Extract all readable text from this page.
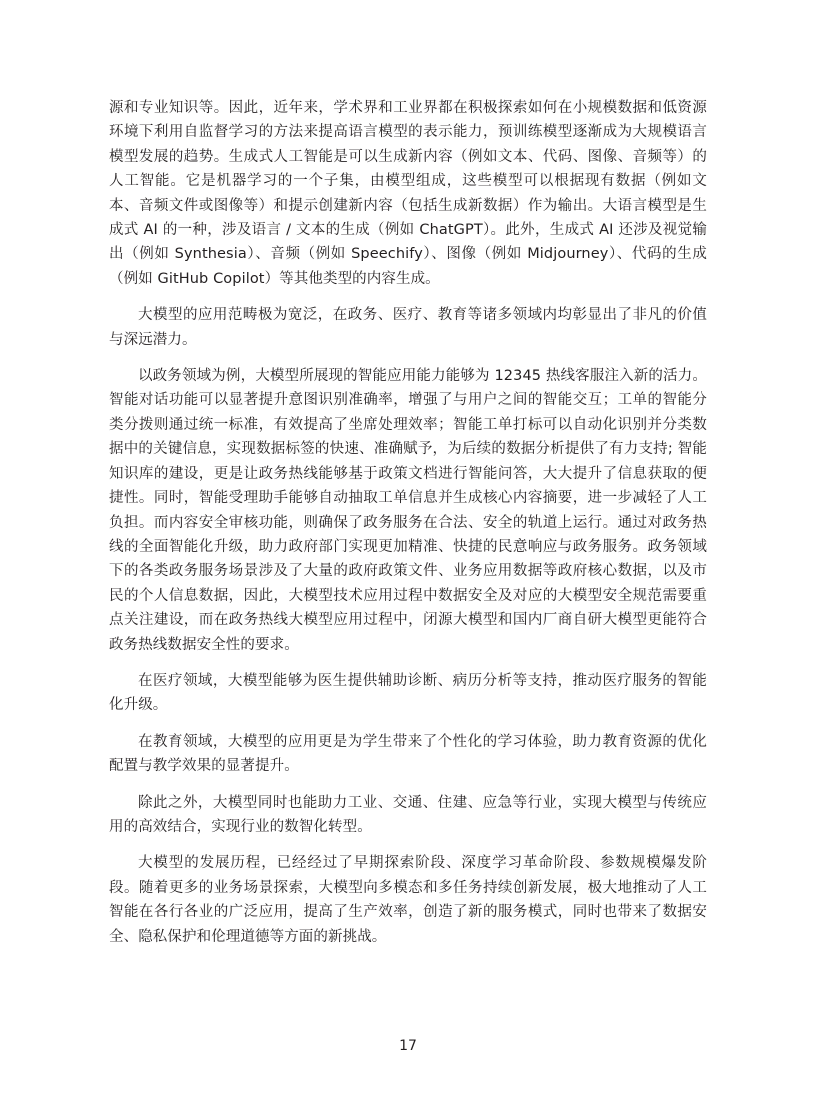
源和专业知识等。因此，近年来，学术界和工业界都在积极探索如何在小规模数据和低资源环境下利用自监督学习的方法来提高语言模型的表示能力，预训练模型逐渐成为大规模语言模型发展的趋势。生成式人工智能是可以生成新内容（例如文本、代码、图像、音频等）的人工智能。它是机器学习的一个子集，由模型组成，这些模型可以根据现有数据（例如文本、音频文件或图像等）和提示创建新内容（包括生成新数据）作为输出。大语言模型是生成式 AI 的一种，涉及语言 / 文本的生成（例如 ChatGPT）。此外，生成式 AI 还涉及视觉输出（例如 Synthesia）、音频（例如 Speechify）、图像（例如 Midjourney）、代码的生成（例如 GitHub Copilot）等其他类型的内容生成。

大模型的应用范畴极为宽泛，在政务、医疗、教育等诸多领域内均彰显出了非凡的价值与深远潜力。

以政务领域为例，大模型所展现的智能应用能力能够为 12345 热线客服注入新的活力。智能对话功能可以显著提升意图识别准确率，增强了与用户之间的智能交互；工单的智能分类分拨则通过统一标准，有效提高了坐席处理效率；智能工单打标可以自动化识别并分类数据中的关键信息，实现数据标签的快速、准确赋予，为后续的数据分析提供了有力支持; 智能知识库的建设，更是让政务热线能够基于政策文档进行智能问答，大大提升了信息获取的便捷性。同时，智能受理助手能够自动抽取工单信息并生成核心内容摘要，进一步减轻了人工负担。而内容安全审核功能，则确保了政务服务在合法、安全的轨道上运行。通过对政务热线的全面智能化升级，助力政府部门实现更加精准、快捷的民意响应与政务服务。政务领域下的各类政务服务场景涉及了大量的政府政策文件、业务应用数据等政府核心数据，以及市民的个人信息数据，因此，大模型技术应用过程中数据安全及对应的大模型安全规范需要重点关注建设，而在政务热线大模型应用过程中，闭源大模型和国内厂商自研大模型更能符合政务热线数据安全性的要求。

在医疗领域，大模型能够为医生提供辅助诊断、病历分析等支持，推动医疗服务的智能化升级。

在教育领域，大模型的应用更是为学生带来了个性化的学习体验，助力教育资源的优化配置与教学效果的显著提升。

除此之外，大模型同时也能助力工业、交通、住建、应急等行业，实现大模型与传统应用的高效结合，实现行业的数智化转型。

大模型的发展历程，已经经过了早期探索阶段、深度学习革命阶段、参数规模爆发阶段。随着更多的业务场景探索，大模型向多模态和多任务持续创新发展，极大地推动了人工智能在各行各业的广泛应用，提高了生产效率，创造了新的服务模式，同时也带来了数据安全、隐私保护和伦理道德等方面的新挑战。

17
